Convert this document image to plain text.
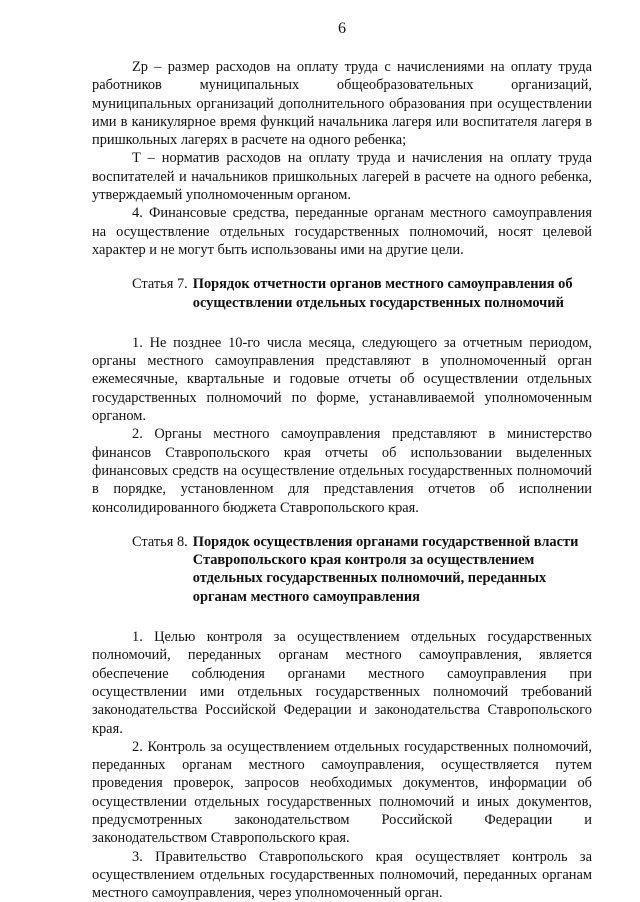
6

Zр – размер расходов на оплату труда с начислениями на оплату труда работников муниципальных общеобразовательных организаций, муниципальных организаций дополнительного образования при осуществлении ими в каникулярное время функций начальника лагеря или воспитателя лагеря в пришкольных лагерях в расчете на одного ребенка;

Т – норматив расходов на оплату труда и начисления на оплату труда воспитателей и начальников пришкольных лагерей в расчете на одного ребенка, утверждаемый уполномоченным органом.

4. Финансовые средства, переданные органам местного самоуправления на осуществление отдельных государственных полномочий, носят целевой характер и не могут быть использованы ими на другие цели.

Статья 7. Порядок отчетности органов местного самоуправления об осуществлении отдельных государственных полномочий

1. Не позднее 10-го числа месяца, следующего за отчетным периодом, органы местного самоуправления представляют в уполномоченный орган ежемесячные, квартальные и годовые отчеты об осуществлении отдельных государственных полномочий по форме, устанавливаемой уполномоченным органом.

2. Органы местного самоуправления представляют в министерство финансов Ставропольского края отчеты об использовании выделенных финансовых средств на осуществление отдельных государственных полномочий в порядке, установленном для представления отчетов об исполнении консолидированного бюджета Ставропольского края.

Статья 8. Порядок осуществления органами государственной власти Ставропольского края контроля за осуществлением отдельных государственных полномочий, переданных органам местного самоуправления

1. Целью контроля за осуществлением отдельных государственных полномочий, переданных органам местного самоуправления, является обеспечение соблюдения органами местного самоуправления при осуществлении ими отдельных государственных полномочий требований законодательства Российской Федерации и законодательства Ставропольского края.

2. Контроль за осуществлением отдельных государственных полномочий, переданных органам местного самоуправления, осуществляется путем проведения проверок, запросов необходимых документов, информации об осуществлении отдельных государственных полномочий и иных документов, предусмотренных законодательством Российской Федерации и законодательством Ставропольского края.

3. Правительство Ставропольского края осуществляет контроль за осуществлением отдельных государственных полномочий, переданных органам местного самоуправления, через уполномоченный орган.
